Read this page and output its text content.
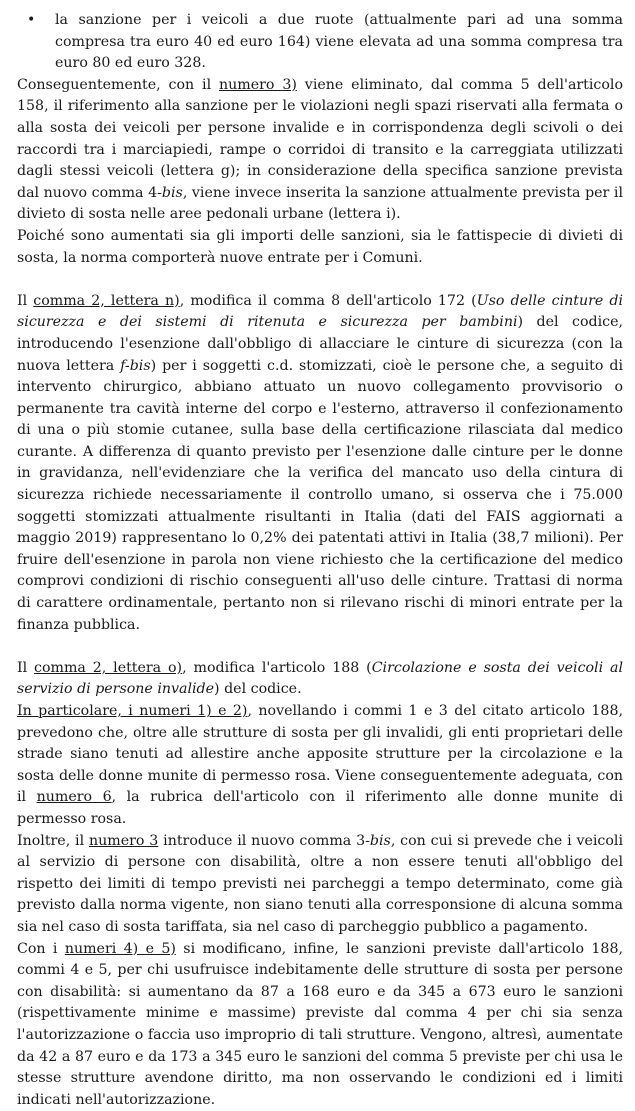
• la sanzione per i veicoli a due ruote (attualmente pari ad una somma compresa tra euro 40 ed euro 164) viene elevata ad una somma compresa tra euro 80 ed euro 328.

Conseguentemente, con il numero 3) viene eliminato, dal comma 5 dell'articolo 158, il riferimento alla sanzione per le violazioni negli spazi riservati alla fermata o alla sosta dei veicoli per persone invalide e in corrispondenza degli scivoli o dei raccordi tra i marciapiedi, rampe o corridoi di transito e la carreggiata utilizzati dagli stessi veicoli (lettera g); in considerazione della specifica sanzione prevista dal nuovo comma 4-bis, viene invece inserita la sanzione attualmente prevista per il divieto di sosta nelle aree pedonali urbane (lettera i).

Poiché sono aumentati sia gli importi delle sanzioni, sia le fattispecie di divieti di sosta, la norma comporterà nuove entrate per i Comuni.

Il comma 2, lettera n), modifica il comma 8 dell'articolo 172 (Uso delle cinture di sicurezza e dei sistemi di ritenuta e sicurezza per bambini) del codice, introducendo l'esenzione dall'obbligo di allacciare le cinture di sicurezza (con la nuova lettera f-bis) per i soggetti c.d. stomizzati, cioè le persone che, a seguito di intervento chirurgico, abbiano attuato un nuovo collegamento provvisorio o permanente tra cavità interne del corpo e l'esterno, attraverso il confezionamento di una o più stomie cutanee, sulla base della certificazione rilasciata dal medico curante. A differenza di quanto previsto per l'esenzione dalle cinture per le donne in gravidanza, nell'evidenziare che la verifica del mancato uso della cintura di sicurezza richiede necessariamente il controllo umano, si osserva che i 75.000 soggetti stomizzati attualmente risultanti in Italia (dati del FAIS aggiornati a maggio 2019) rappresentano lo 0,2% dei patentati attivi in Italia (38,7 milioni). Per fruire dell'esenzione in parola non viene richiesto che la certificazione del medico comprovi condizioni di rischio conseguenti all'uso delle cinture. Trattasi di norma di carattere ordinamentale, pertanto non si rilevano rischi di minori entrate per la finanza pubblica.

Il comma 2, lettera o), modifica l'articolo 188 (Circolazione e sosta dei veicoli al servizio di persone invalide) del codice.

In particolare, i numeri 1) e 2), novellando i commi 1 e 3 del citato articolo 188, prevedono che, oltre alle strutture di sosta per gli invalidi, gli enti proprietari delle strade siano tenuti ad allestire anche apposite strutture per la circolazione e la sosta delle donne munite di permesso rosa. Viene conseguentemente adeguata, con il numero 6, la rubrica dell'articolo con il riferimento alle donne munite di permesso rosa.

Inoltre, il numero 3 introduce il nuovo comma 3-bis, con cui si prevede che i veicoli al servizio di persone con disabilità, oltre a non essere tenuti all'obbligo del rispetto dei limiti di tempo previsti nei parcheggi a tempo determinato, come già previsto dalla norma vigente, non siano tenuti alla corresponsione di alcuna somma sia nel caso di sosta tariffata, sia nel caso di parcheggio pubblico a pagamento.

Con i numeri 4) e 5) si modificano, infine, le sanzioni previste dall'articolo 188, commi 4 e 5, per chi usufruisce indebitamente delle strutture di sosta per persone con disabilità: si aumentano da 87 a 168 euro e da 345 a 673 euro le sanzioni (rispettivamente minime e massime) previste dal comma 4 per chi sia senza l'autorizzazione o faccia uso improprio di tali strutture. Vengono, altresì, aumentate da 42 a 87 euro e da 173 a 345 euro le sanzioni del comma 5 previste per chi usa le stesse strutture avendone diritto, ma non osservando le condizioni ed i limiti indicati nell'autorizzazione.
